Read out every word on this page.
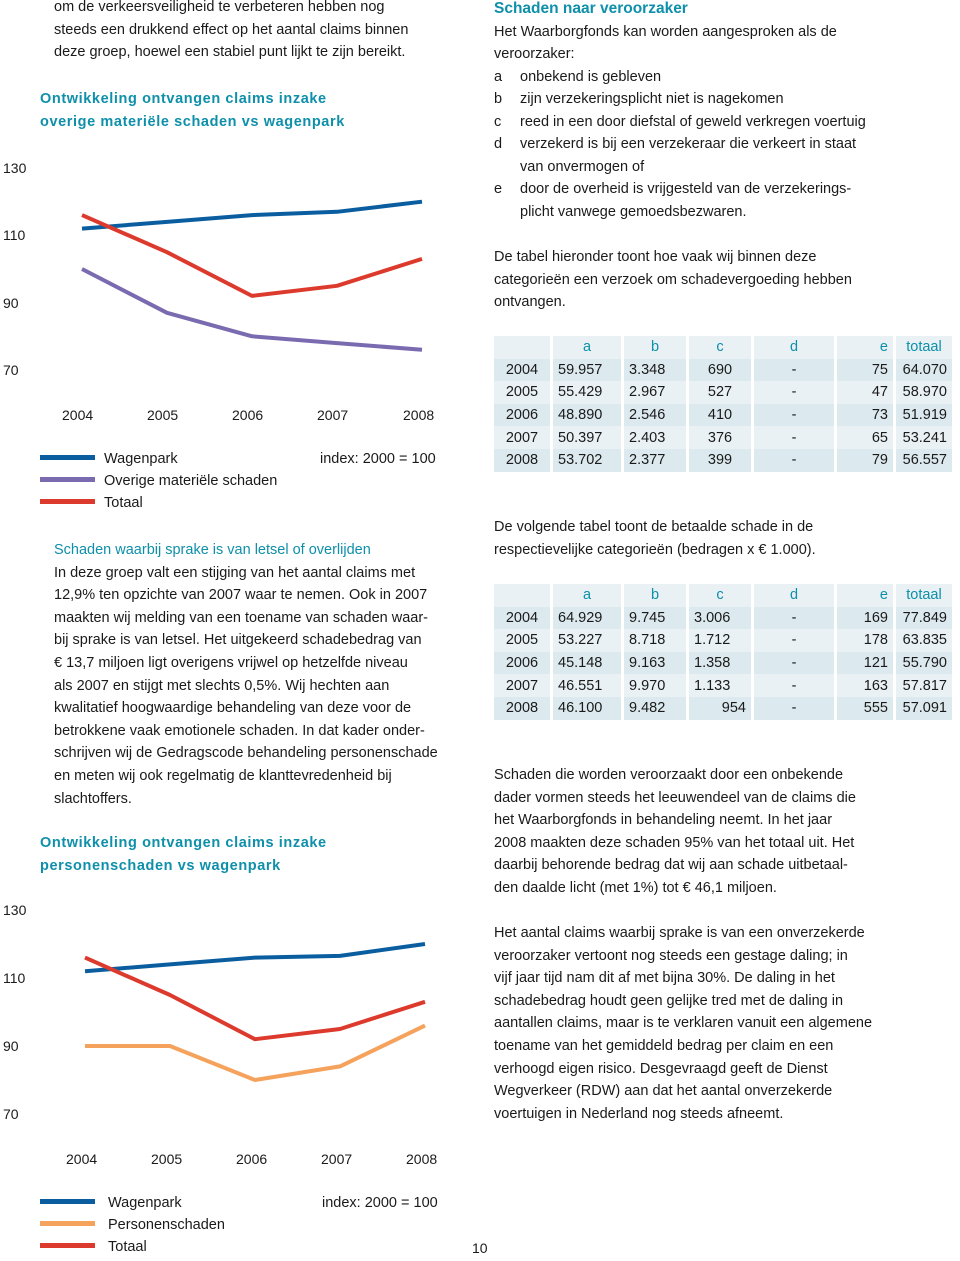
om de verkeersveiligheid te verbeteren hebben nog

steeds een drukkend effect op het aantal claims binnen

deze groep, hoewel een stabiel punt lijkt te zijn bereikt.

Ontwikkeling ontvangen claims inzake
overige materiële schaden vs wagenpark
130
110
90
70
2004	2005	2006	2007	2008
Wagenpark	index: 2000 = 100
Overige materiële schaden
Totaal

Schaden waarbij sprake is van letsel of overlijden

In deze groep valt een stijging van het aantal claims met

12,9% ten opzichte van 2007 waar te nemen. Ook in 2007

maakten wij melding van een toename van schaden waar-

bij sprake is van letsel. Het uitgekeerd schadebedrag van

€ 13,7 miljoen ligt overigens vrijwel op hetzelfde niveau

als 2007 en stijgt met slechts 0,5%. Wij hechten aan

kwalitatief hoogwaardige behandeling van deze voor de

betrokkene vaak emotionele schaden. In dat kader onder-

schrijven wij de Gedragscode behandeling personenschade

en meten wij ook regelmatig de klanttevredenheid bij

slachtoffers.

Ontwikkeling ontvangen claims inzake
personenschaden vs wagenpark
130
110
90
70
2004	2005	2006	2007	2008
Wagenpark	index: 2000 = 100
Personenschaden
Totaal	10

Schaden naar veroorzaker

Het Waarborgfonds kan worden aangesproken als de

veroorzaker:

a	onbekend is gebleven
b	zijn verzekeringsplicht niet is nagekomen
c	reed in een door diefstal of geweld verkregen voertuig
d	verzekerd is bij een verzekeraar die verkeert in staat
van onvermogen of
e	door de overheid is vrijgesteld van de verzekerings-
plicht vanwege gemoedsbezwaren.

De tabel hieronder toont hoe vaak wij binnen deze

categorieën een verzoek om schadevergoeding hebben

ontvangen.

	a	b	c	d	e	totaal
2004	59.957	3.348	690	-	75	64.070
2005	55.429	2.967	527	-	47	58.970
2006	48.890	2.546	410	-	73	51.919
2007	50.397	2.403	376	-	65	53.241
2008	53.702	2.377	399	-	79	56.557

De volgende tabel toont de betaalde schade in de

respectievelijke categorieën (bedragen x € 1.000).

	a	b	c	d	e	totaal
2004	64.929	9.745	3.006	-	169	77.849
2005	53.227	8.718	1.712	-	178	63.835
2006	45.148	9.163	1.358	-	121	55.790
2007	46.551	9.970	1.133	-	163	57.817
2008	46.100	9.482	954	-	555	57.091

Schaden die worden veroorzaakt door een onbekende

dader vormen steeds het leeuwendeel van de claims die

het Waarborgfonds in behandeling neemt. In het jaar

2008 maakten deze schaden 95% van het totaal uit. Het

daarbij behorende bedrag dat wij aan schade uitbetaal-

den daalde licht (met 1%) tot € 46,1 miljoen.

Het aantal claims waarbij sprake is van een onverzekerde

veroorzaker vertoont nog steeds een gestage daling; in

vijf jaar tijd nam dit af met bijna 30%. De daling in het

schadebedrag houdt geen gelijke tred met de daling in

aantallen claims, maar is te verklaren vanuit een algemene

toename van het gemiddeld bedrag per claim en een

verhoogd eigen risico. Desgevraagd geeft de Dienst

Wegverkeer (RDW) aan dat het aantal onverzekerde

voertuigen in Nederland nog steeds afneemt.
